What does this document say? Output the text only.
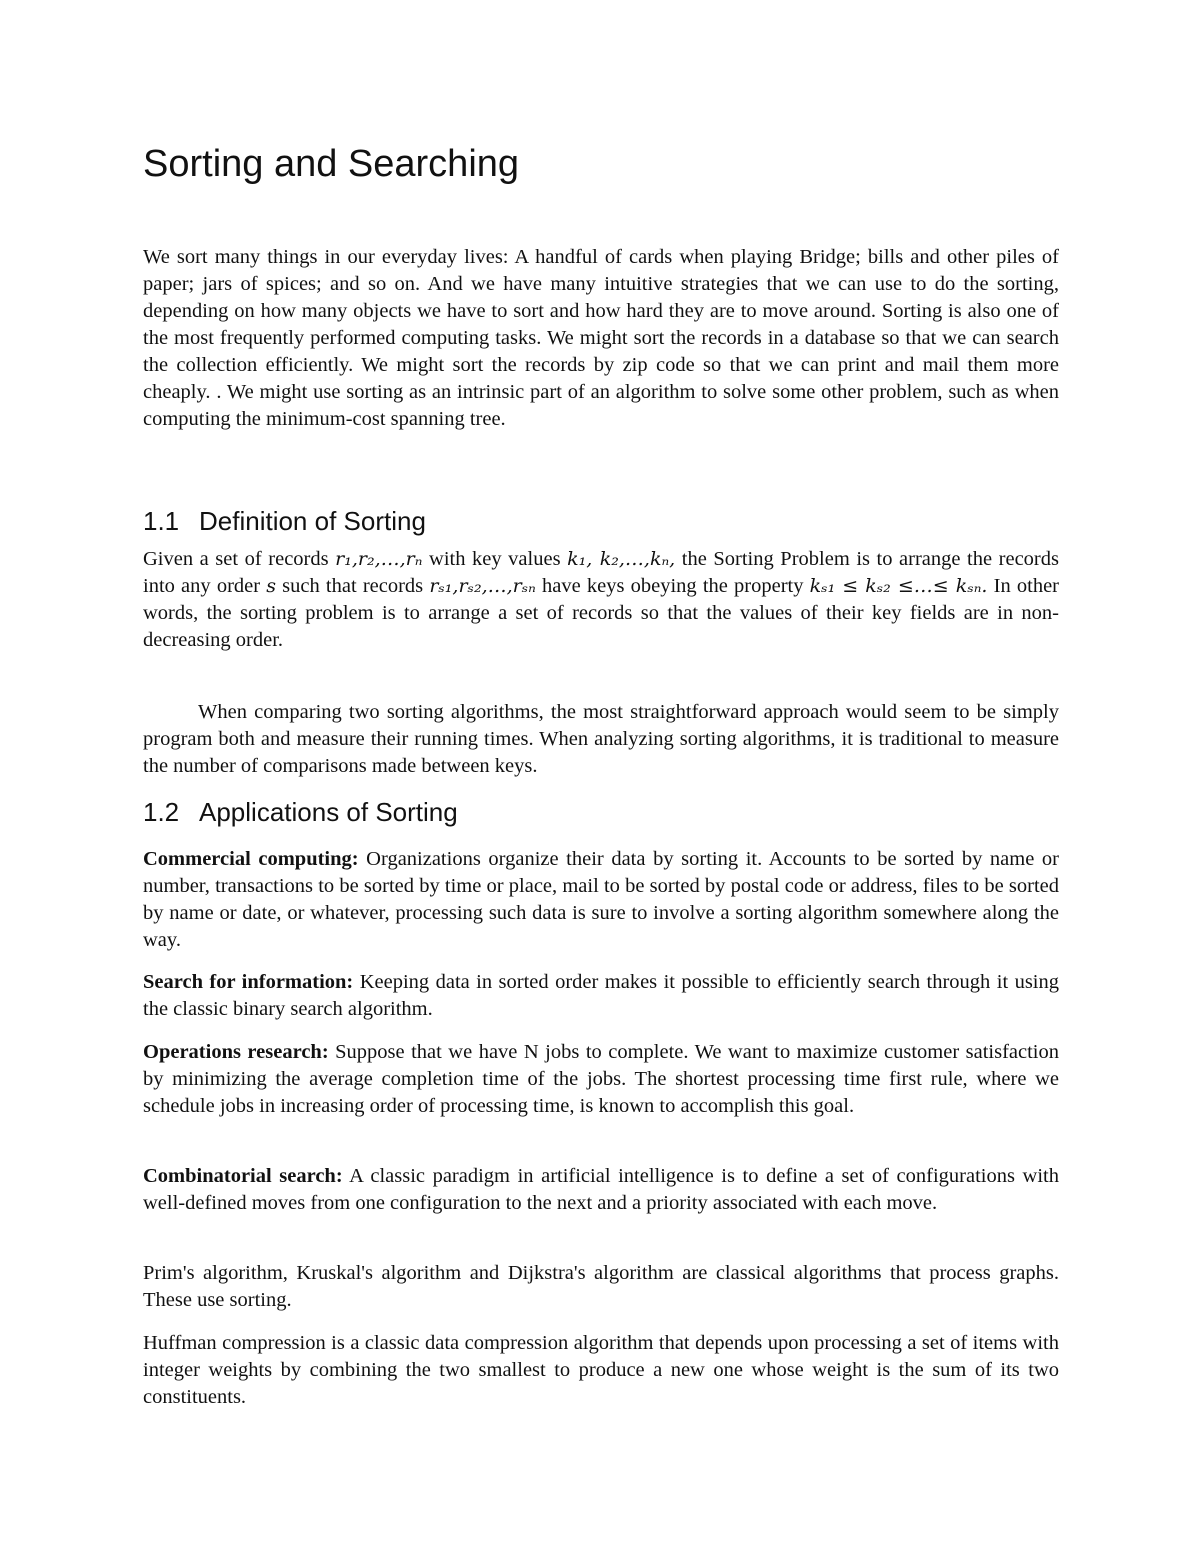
Sorting and Searching

We sort many things in our everyday lives: A handful of cards when playing Bridge; bills and other piles of paper; jars of spices; and so on. And we have many intuitive strategies that we can use to do the sorting, depending on how many objects we have to sort and how hard they are to move around. Sorting is also one of the most frequently performed computing tasks. We might sort the records in a database so that we can search the collection efficiently. We might sort the records by zip code so that we can print and mail them more cheaply. . We might use sorting as an intrinsic part of an algorithm to solve some other problem, such as when computing the minimum-cost spanning tree.

1.1 Definition of Sorting

Given a set of records r₁,r₂,…,rₙ with key values k₁, k₂,…,kₙ, the Sorting Problem is to arrange the records into any order s such that records rₛ₁,rₛ₂,…,rₛₙ have keys obeying the property kₛ₁ ≤ kₛ₂ ≤…≤ kₛₙ. In other words, the sorting problem is to arrange a set of records so that the values of their key fields are in non-decreasing order.

When comparing two sorting algorithms, the most straightforward approach would seem to be simply program both and measure their running times. When analyzing sorting algorithms, it is traditional to measure the number of comparisons made between keys.

1.2 Applications of Sorting

Commercial computing: Organizations organize their data by sorting it. Accounts to be sorted by name or number, transactions to be sorted by time or place, mail to be sorted by postal code or address, files to be sorted by name or date, or whatever, processing such data is sure to involve a sorting algorithm somewhere along the way.

Search for information: Keeping data in sorted order makes it possible to efficiently search through it using the classic binary search algorithm.

Operations research: Suppose that we have N jobs to complete. We want to maximize customer satisfaction by minimizing the average completion time of the jobs. The shortest processing time first rule, where we schedule jobs in increasing order of processing time, is known to accomplish this goal.

Combinatorial search: A classic paradigm in artificial intelligence is to define a set of configurations with well-defined moves from one configuration to the next and a priority associated with each move.

Prim's algorithm, Kruskal's algorithm and Dijkstra's algorithm are classical algorithms that process graphs. These use sorting.

Huffman compression is a classic data compression algorithm that depends upon processing a set of items with integer weights by combining the two smallest to produce a new one whose weight is the sum of its two constituents.
